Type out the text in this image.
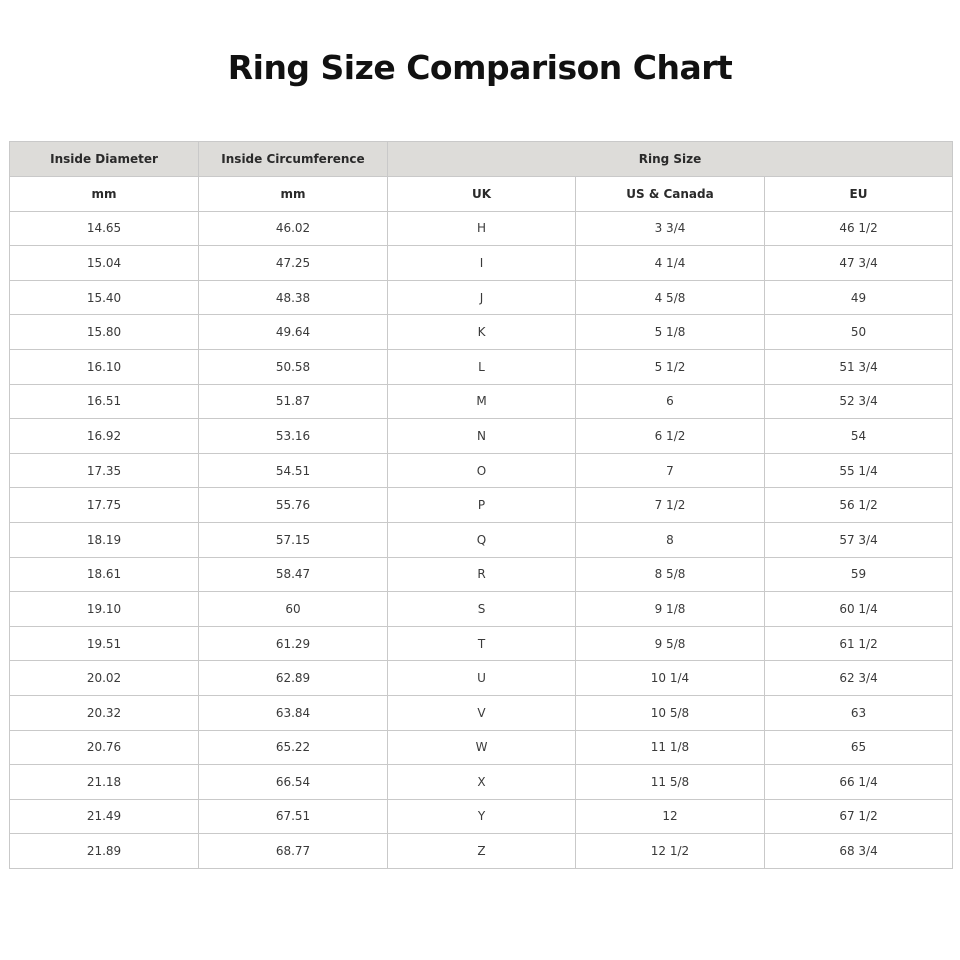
Ring Size Comparison Chart
Inside Diameter	Inside Circumference	Ring Size		
mm	mm	UK	US & Canada	EU
14.65	46.02	H	3 3/4	46 1/2
15.04	47.25	I	4 1/4	47 3/4
15.40	48.38	J	4 5/8	49
15.80	49.64	K	5 1/8	50
16.10	50.58	L	5 1/2	51 3/4
16.51	51.87	M	6	52 3/4
16.92	53.16	N	6 1/2	54
17.35	54.51	O	7	55 1/4
17.75	55.76	P	7 1/2	56 1/2
18.19	57.15	Q	8	57 3/4
18.61	58.47	R	8 5/8	59
19.10	60	S	9 1/8	60 1/4
19.51	61.29	T	9 5/8	61 1/2
20.02	62.89	U	10 1/4	62 3/4
20.32	63.84	V	10 5/8	63
20.76	65.22	W	11 1/8	65
21.18	66.54	X	11 5/8	66 1/4
21.49	67.51	Y	12	67 1/2
21.89	68.77	Z	12 1/2	68 3/4
